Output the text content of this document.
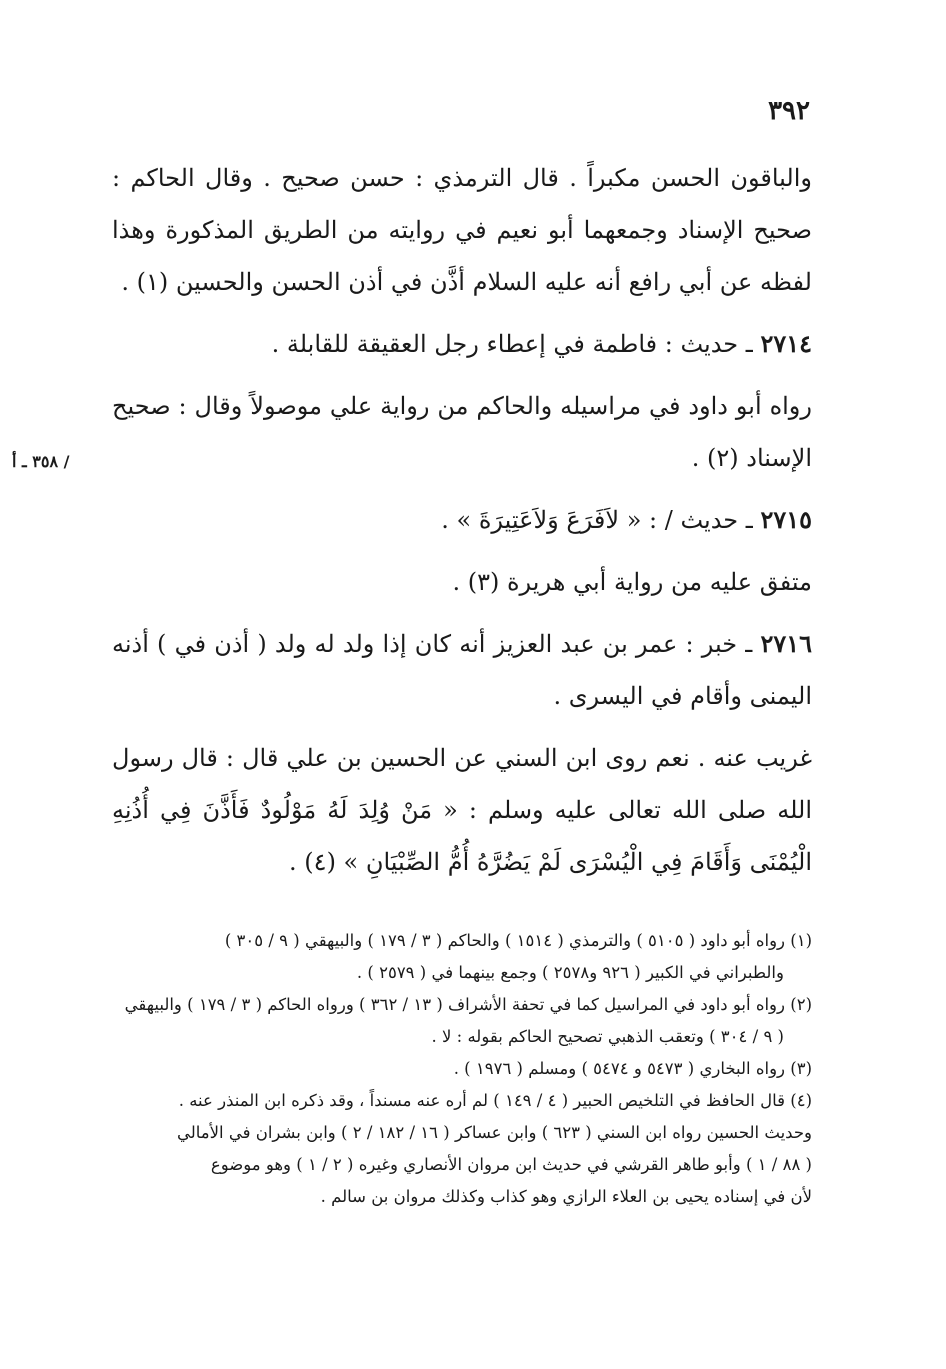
٣٩٢
/ ٣٥٨ ـ أ

والباقون الحسن مكبراً . قال الترمذي : حسن صحيح . وقال الحاكم : صحيح الإسناد وجمعهما أبو نعيم في روايته من الطريق المذكورة وهذا لفظه عن أبي رافع أنه عليه السلام أذَّن في أذن الحسن والحسين (١) .

٢٧١٤ ـ حديث : فاطمة في إعطاء رجل العقيقة للقابلة .

رواه أبو داود في مراسيله والحاكم من رواية علي موصولاً وقال : صحيح الإسناد (٢) .

٢٧١٥ ـ حديث / : « لاَفَرَعَ وَلاَعَتِيرَةَ » .

متفق عليه من رواية أبي هريرة (٣) .

٢٧١٦ ـ خبر : عمر بن عبد العزيز أنه كان إذا ولد له ولد ( أذن في ) أذنه اليمنى وأقام في اليسرى .

غريب عنه . نعم روى ابن السني عن الحسين بن علي قال : قال رسول الله صلى الله تعالى عليه وسلم : « مَنْ وُلِدَ لَهُ مَوْلُودٌ فَأَذَّنَ فِي أُذُنِهِ الْيُمْنَى وَأَقَامَ فِي الْيُسْرَى لَمْ يَضُرَّهُ أُمُّ الصِّبْيَانِ » (٤) .

(١) رواه أبو داود ( ٥١٠٥ ) والترمذي ( ١٥١٤ ) والحاكم ( ٣ / ١٧٩ ) والبيهقي ( ٩ / ٣٠٥ )

والطبراني في الكبير ( ٩٢٦ و٢٥٧٨ ) وجمع بينهما في ( ٢٥٧٩ ) .

(٢) رواه أبو داود في المراسيل كما في تحفة الأشراف ( ١٣ / ٣٦٢ ) ورواه الحاكم ( ٣ / ١٧٩ ) والبيهقي

( ٩ / ٣٠٤ ) وتعقب الذهبي تصحيح الحاكم بقوله : لا .

(٣) رواه البخاري ( ٥٤٧٣ و ٥٤٧٤ ) ومسلم ( ١٩٧٦ ) .

(٤) قال الحافظ في التلخيص الحبير ( ٤ / ١٤٩ ) لم أره عنه مسنداً ، وقد ذكره ابن المنذر عنه .

وحديث الحسين رواه ابن السني ( ٦٢٣ ) وابن عساكر ( ١٦ / ١٨٢ / ٢ ) وابن بشران في الأمالي

( ٨٨ / ١ ) وأبو طاهر القرشي في حديث ابن مروان الأنصاري وغيره ( ٢ / ١ ) وهو موضوع

لأن في إسناده يحيى بن العلاء الرازي وهو كذاب وكذلك مروان بن سالم .
